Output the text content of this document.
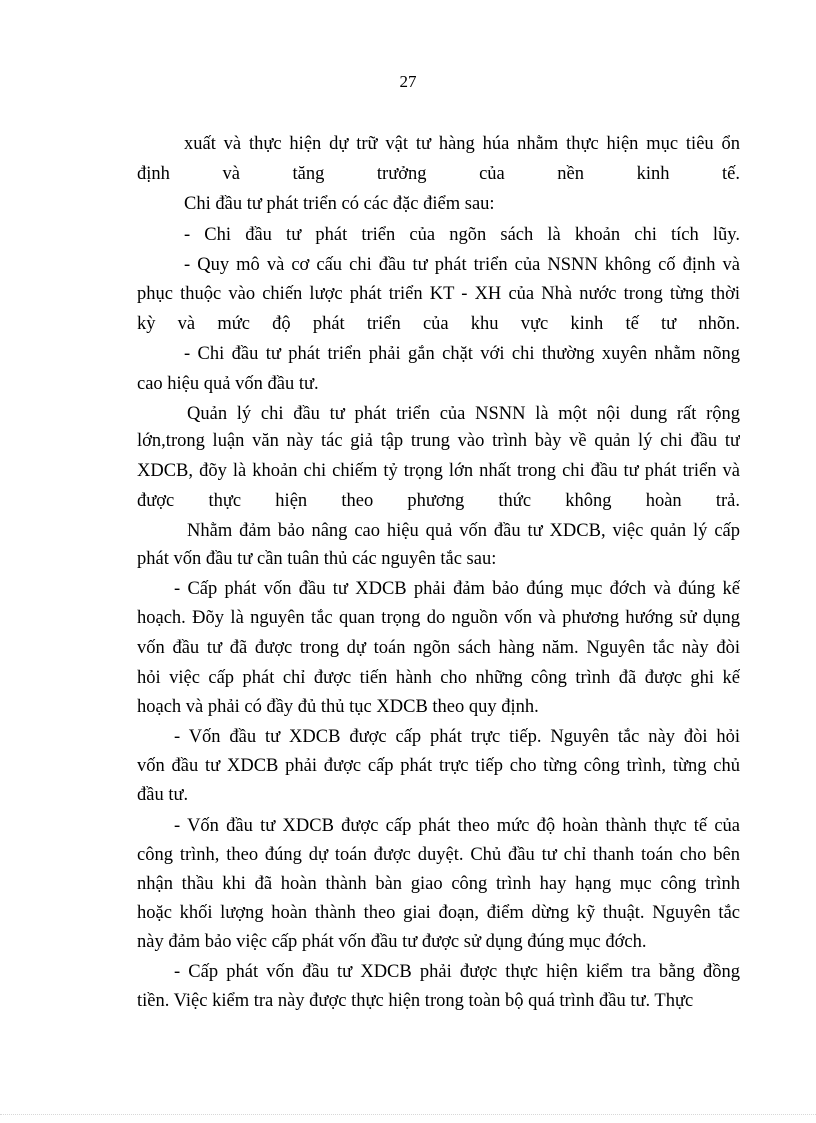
27
xuất và thực hiện dự trữ vật tư hàng húa nhằm thực hiện mục tiêu ổn
định và tăng trưởng của nền kinh tế.
Chi đầu tư phát triển có các đặc điểm sau:
- Chi đầu tư phát triển của ngõn sách là khoản chi tích lũy.
- Quy mô và cơ cấu chi đầu tư phát triển của NSNN không cố định và
phục thuộc vào chiến lược phát triển KT - XH của Nhà nước trong từng thời
kỳ và mức độ phát triển của khu vực kinh tế tư nhõn.
- Chi đầu tư phát triển phải gắn chặt với chi thường xuyên nhằm nõng
cao hiệu quả vốn đầu tư.
Quản lý chi đầu tư phát triển của NSNN là một nội dung rất rộng
lớn,trong luận văn này tác giả tập trung vào trình bày về quản lý chi đầu tư
XDCB, đõy là khoản chi chiếm tỷ trọng lớn nhất trong chi đầu tư phát triển và
được thực hiện theo phương thức không hoàn trả.
Nhằm đảm bảo nâng cao hiệu quả vốn đầu tư XDCB, việc quản lý cấp
phát vốn đầu tư cần tuân thủ các nguyên tắc sau:
- Cấp phát vốn đầu tư XDCB phải đảm bảo đúng mục đớch và đúng kế
hoạch. Đõy là nguyên tắc quan trọng do nguồn vốn và phương hướng sử dụng
vốn đầu tư đã được trong dự toán ngõn sách hàng năm. Nguyên tắc này đòi
hỏi việc cấp phát chỉ được tiến hành cho những công trình đã được ghi kế
hoạch và phải có đầy đủ thủ tục XDCB theo quy định.
- Vốn đầu tư XDCB được cấp phát trực tiếp. Nguyên tắc này đòi hỏi
vốn đầu tư XDCB phải được cấp phát trực tiếp cho từng công trình, từng chủ
đầu tư.
- Vốn đầu tư XDCB được cấp phát theo mức độ hoàn thành thực tế của
công trình, theo đúng dự toán được duyệt. Chủ đầu tư chỉ thanh toán cho bên
nhận thầu khi đã hoàn thành bàn giao công trình hay hạng mục công trình
hoặc khối lượng hoàn thành theo giai đoạn, điểm dừng kỹ thuật. Nguyên tắc
này đảm bảo việc cấp phát vốn đầu tư được sử dụng đúng mục đớch.
- Cấp phát vốn đầu tư XDCB phải được thực hiện kiểm tra bằng đồng
tiền. Việc kiểm tra này được thực hiện trong toàn bộ quá trình đầu tư. Thực
